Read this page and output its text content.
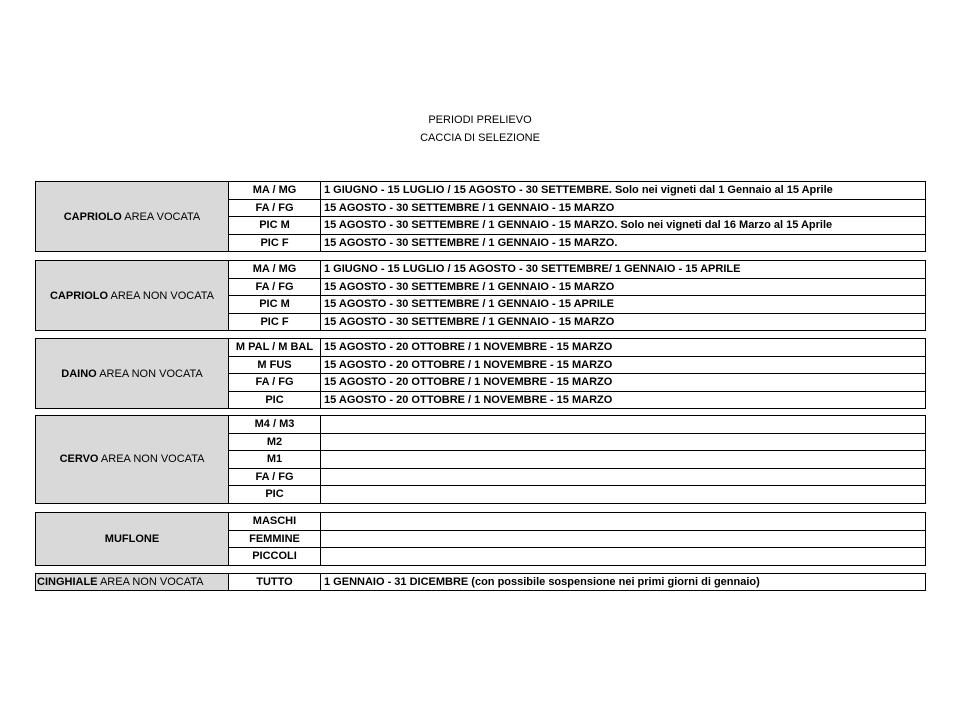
PERIODI PRELIEVO
CACCIA DI SELEZIONE
CAPRIOLO AREA VOCATA	MA / MG	1 GIUGNO - 15 LUGLIO / 15 AGOSTO - 30 SETTEMBRE. Solo nei vigneti dal 1 Gennaio al 15 Aprile
	FA / FG	15 AGOSTO - 30 SETTEMBRE / 1 GENNAIO - 15 MARZO
	PIC M	15 AGOSTO - 30 SETTEMBRE / 1 GENNAIO - 15 MARZO. Solo nei vigneti dal 16 Marzo al 15 Aprile
	PIC F	15 AGOSTO - 30 SETTEMBRE / 1 GENNAIO - 15 MARZO.
CAPRIOLO AREA NON VOCATA	MA / MG	1 GIUGNO - 15 LUGLIO / 15 AGOSTO - 30 SETTEMBRE/ 1 GENNAIO - 15 APRILE
	FA / FG	15 AGOSTO - 30 SETTEMBRE / 1 GENNAIO - 15 MARZO
	PIC M	15 AGOSTO - 30 SETTEMBRE / 1 GENNAIO - 15 APRILE
	PIC F	15 AGOSTO - 30 SETTEMBRE / 1 GENNAIO - 15 MARZO
DAINO AREA NON VOCATA	M PAL / M BAL	15 AGOSTO - 20 OTTOBRE / 1 NOVEMBRE - 15 MARZO
	M FUS	15 AGOSTO - 20 OTTOBRE / 1 NOVEMBRE - 15 MARZO
	FA / FG	15 AGOSTO - 20 OTTOBRE / 1 NOVEMBRE - 15 MARZO
	PIC	15 AGOSTO - 20 OTTOBRE / 1 NOVEMBRE - 15 MARZO
CERVO AREA NON VOCATA	M4 / M3	
	M2	
	M1	
	FA / FG	
	PIC	
MUFLONE	MASCHI	
	FEMMINE	
	PICCOLI	
CINGHIALE AREA NON VOCATA	TUTTO	1 GENNAIO - 31 DICEMBRE (con possibile sospensione nei primi giorni di gennaio)
